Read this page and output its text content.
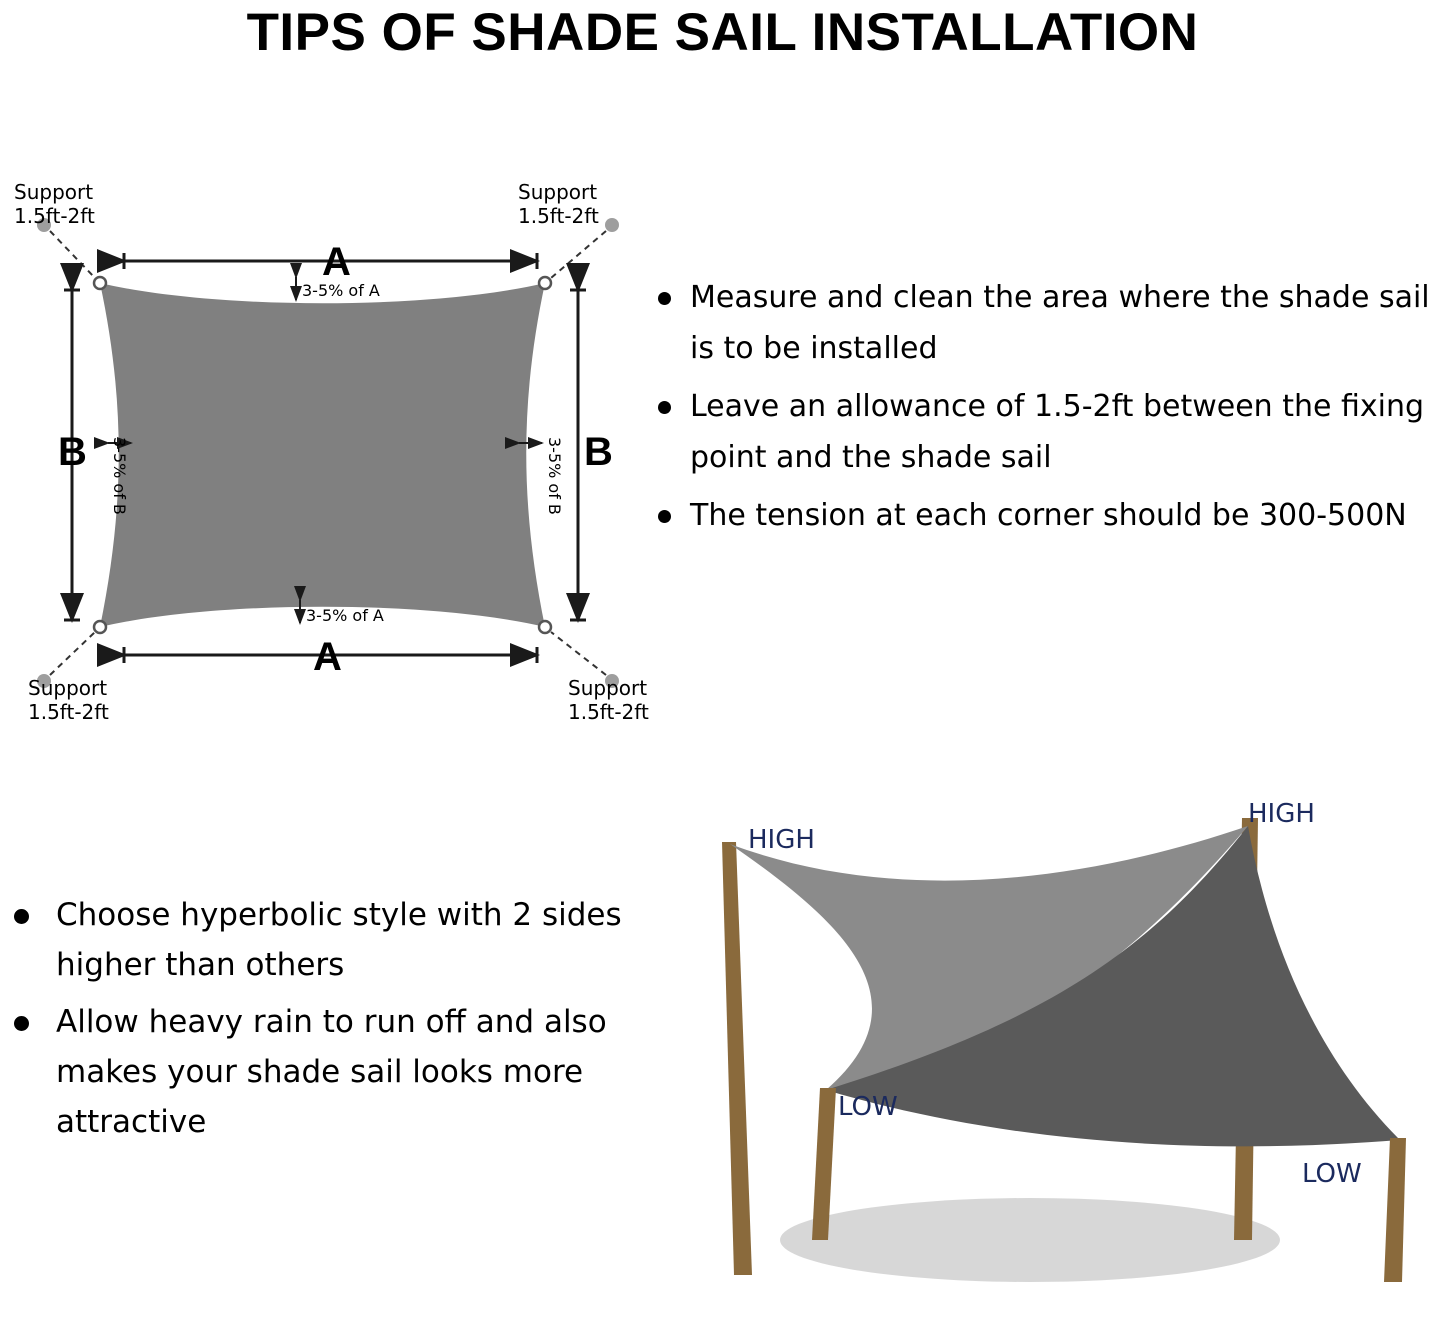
TIPS OF SHADE SAIL INSTALLATION
Support
1.5ft-2ft
Support
1.5ft-2ft
Support
1.5ft-2ft
Support
1.5ft-2ft
A
A
B	B
3-5% of A
3-5% of A
3-5% of B	3-5% of B
Measure and clean the area where the shade sail is to be installed
Leave an allowance of 1.5-2ft between the fixing point and the shade sail
The tension at each corner should be 300-500N
Choose hyperbolic style with 2 sides higher than others
Allow heavy rain to run off and also makes your shade sail looks more attractive
HIGH
HIGH
LOW
LOW
